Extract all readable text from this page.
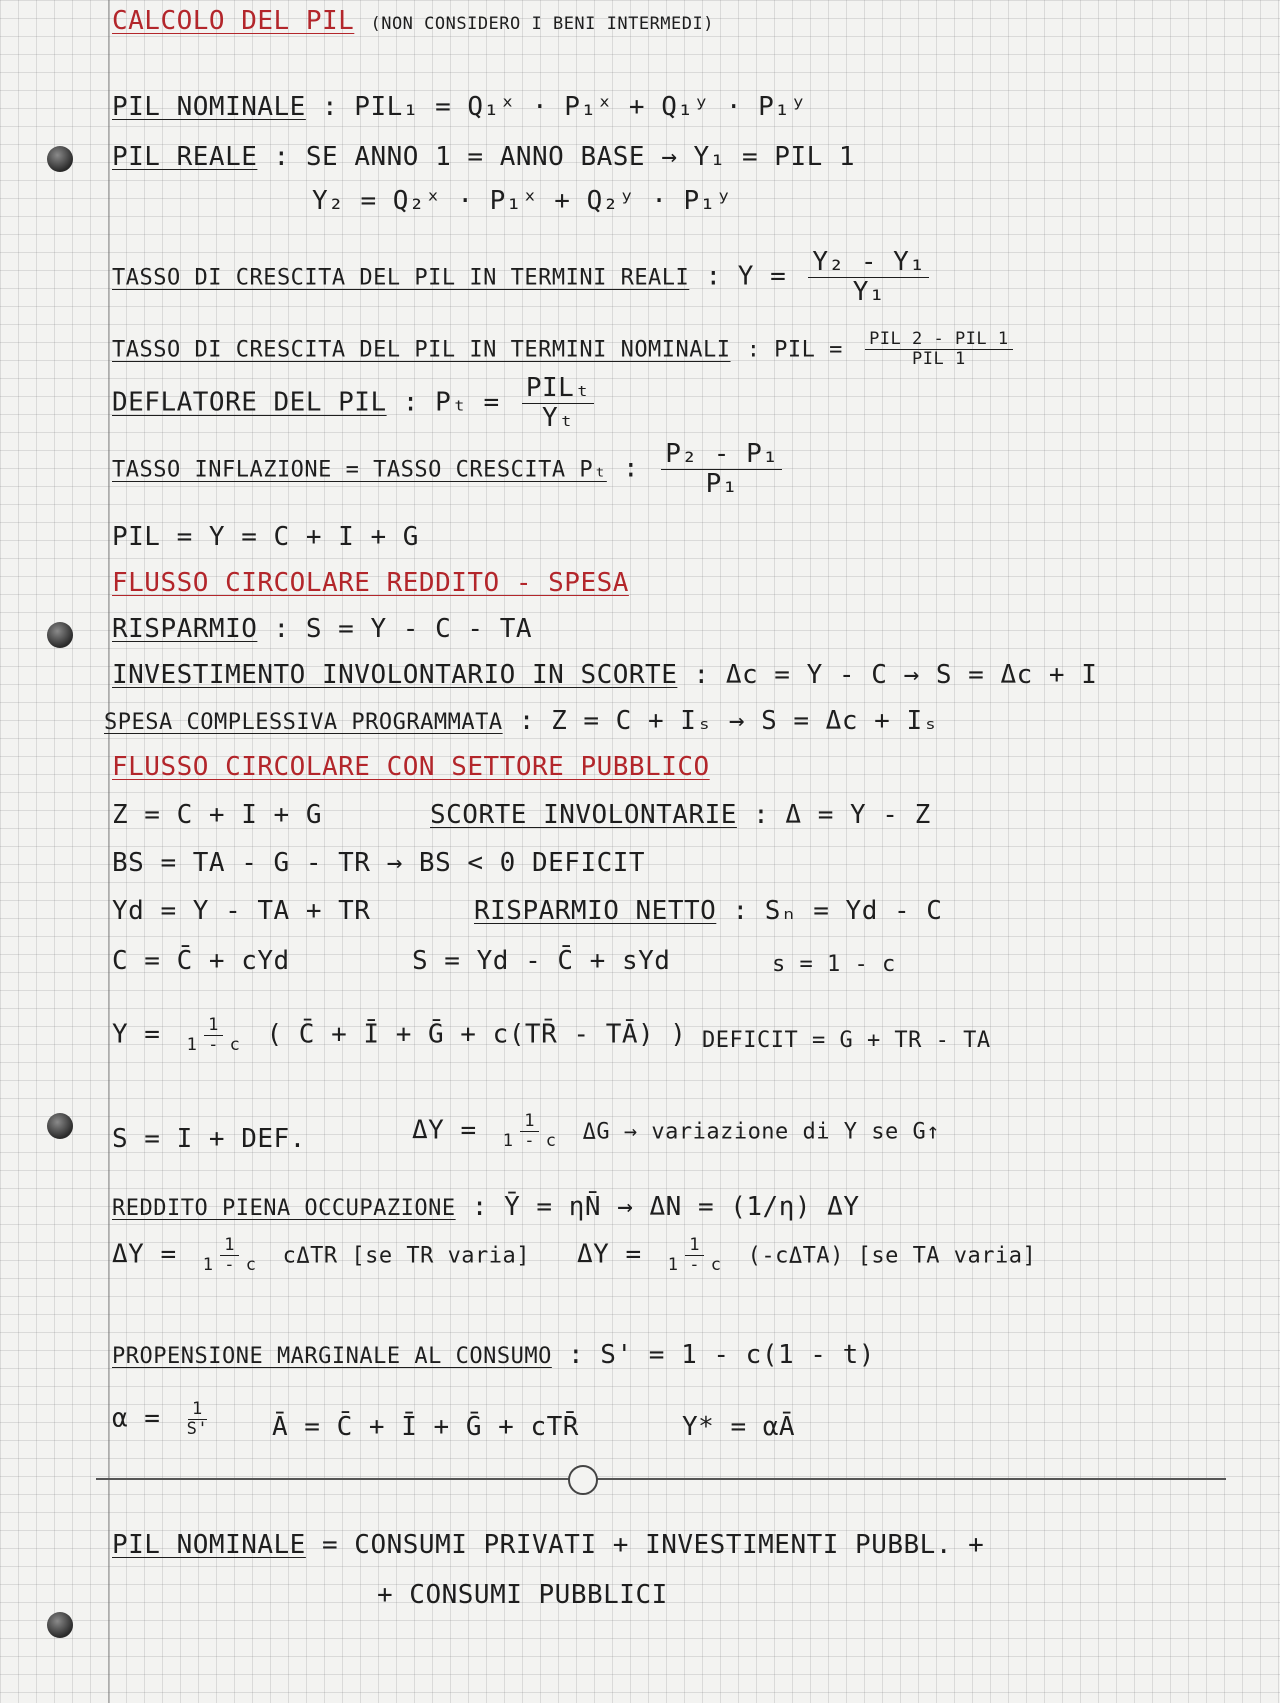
CALCOLO DEL PIL (NON CONSIDERO I BENI INTERMEDI)
PIL NOMINALE : PIL₁ = Q₁ˣ · P₁ˣ + Q₁ʸ · P₁ʸ
PIL REALE : SE ANNO 1 = ANNO BASE → Y₁ = PIL 1
Y₂ = Q₂ˣ · P₁ˣ + Q₂ʸ · P₁ʸ
TASSO DI CRESCITA DEL PIL IN TERMINI REALI : $Y = \frac{\text{Y₂ - Y₁}}{\text{Y₁}}$
TASSO DI CRESCITA DEL PIL IN TERMINI NOMINALI : PIL = $\frac{\text{PIL 2 - PIL 1}}{\text{PIL 1}}$
DEFLATORE DEL PIL : $P_t = \frac{\text{PILₜ}}{\text{Yₜ}}$
TASSO INFLAZIONE = TASSO CRESCITA Pₜ : $\frac{\text{P₂ - P₁}}{\text{P₁}}$
PIL = Y = C + I + G
FLUSSO CIRCOLARE REDDITO - SPESA
RISPARMIO : S = Y - C - TA
INVESTIMENTO INVOLONTARIO IN SCORTE : Δc = Y - C → S = Δc + I
SPESA COMPLESSIVA PROGRAMMATA : Z = C + Iₛ → S = Δc + Iₛ
FLUSSO CIRCOLARE CON SETTORE PUBBLICO
Z = C + I + G	SCORTE INVOLONTARIE : Δ = Y - Z
BS = TA - G - TR → BS < 0 DEFICIT
Yd = Y - TA + TR	RISPARMIO NETTO : Sₙ = Yd - C
C = C̄ + cYd	S = Yd - C̄ + sYd	s = 1 - c
$Y = \frac{1}{1 - c}$ ( C̄ + Ī + Ḡ + c(TR̄ - TĀ) ) DEFICIT = G + TR - TA
S = I + DEF.	$\Delta Y = \frac{1}{1 - c}$ ΔG → variazione di Y se G↑
REDDITO PIENA OCCUPAZIONE : Ȳ = ηN̄ → ΔN = (1/η) ΔY
$\Delta Y = \frac{1}{1 - c}$ cΔTR [se TR varia] $\Delta Y = \frac{1}{1 - c} (-c\Delta TA)$ [se TA varia]
PROPENSIONE MARGINALE AL CONSUMO : S' = 1 - c(1 - t)
$\alpha = \frac{1}{S'}$ Ā = C̄ + Ī + Ḡ + cTR̄	Y* = αĀ
PIL NOMINALE = CONSUMI PRIVATI + INVESTIMENTI PUBBL. +
+ CONSUMI PUBBLICI
